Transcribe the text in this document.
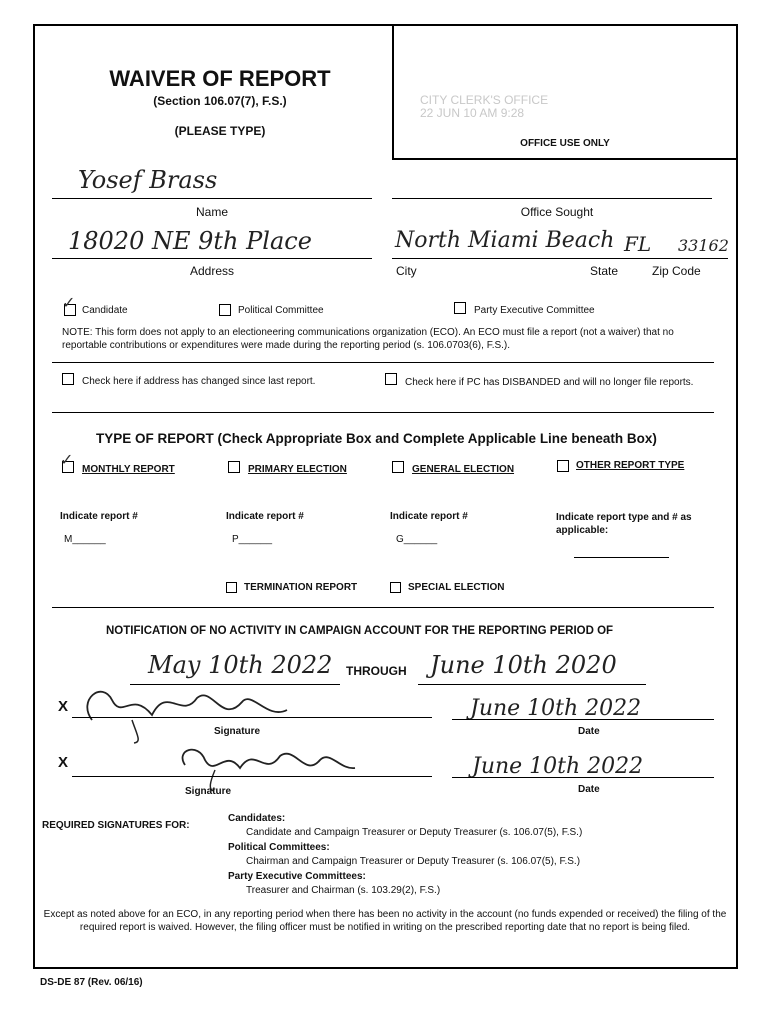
WAIVER OF REPORT
(Section 106.07(7), F.S.)
(PLEASE TYPE)
CITY CLERK'S OFFICE
22 JUN 10 AM 9:28
OFFICE USE ONLY
Yosef Brass
Name	Office Sought
18020 NE 9th Place	North Miami Beach FL 33162
Address	City	State	Zip Code
✓ Candidate	Political Committee	Party Executive Committee
NOTE: This form does not apply to an electioneering communications organization (ECO). An ECO must file a report (not a waiver) that no reportable contributions or expenditures were made during the reporting period (s. 106.0703(6), F.S.).
Check here if address has changed since last report.	Check here if PC has DISBANDED and will no longer file reports.
TYPE OF REPORT (Check Appropriate Box and Complete Applicable Line beneath Box)
✓
MONTHLY REPORT	PRIMARY ELECTION	GENERAL ELECTION	OTHER REPORT TYPE
Indicate report #	Indicate report #	Indicate report #	Indicate report type and # as applicable:
M______	P______	G______
TERMINATION REPORT	SPECIAL ELECTION
NOTIFICATION OF NO ACTIVITY IN CAMPAIGN ACCOUNT FOR THE REPORTING PERIOD OF
May 10th 2022 THROUGH June 10th 2020
X
Signature
June 10th 2022
Date
X
Signature
June 10th 2022
Date
REQUIRED SIGNATURES FOR:
Candidates:
Candidate and Campaign Treasurer or Deputy Treasurer (s. 106.07(5), F.S.)
Political Committees:
Chairman and Campaign Treasurer or Deputy Treasurer (s. 106.07(5), F.S.)
Party Executive Committees:
Treasurer and Chairman (s. 103.29(2), F.S.)
Except as noted above for an ECO, in any reporting period when there has been no activity in the account (no funds expended or received) the filing of the required report is waived. However, the filing officer must be notified in writing on the prescribed reporting date that no report is being filed.
DS-DE 87 (Rev. 06/16)
